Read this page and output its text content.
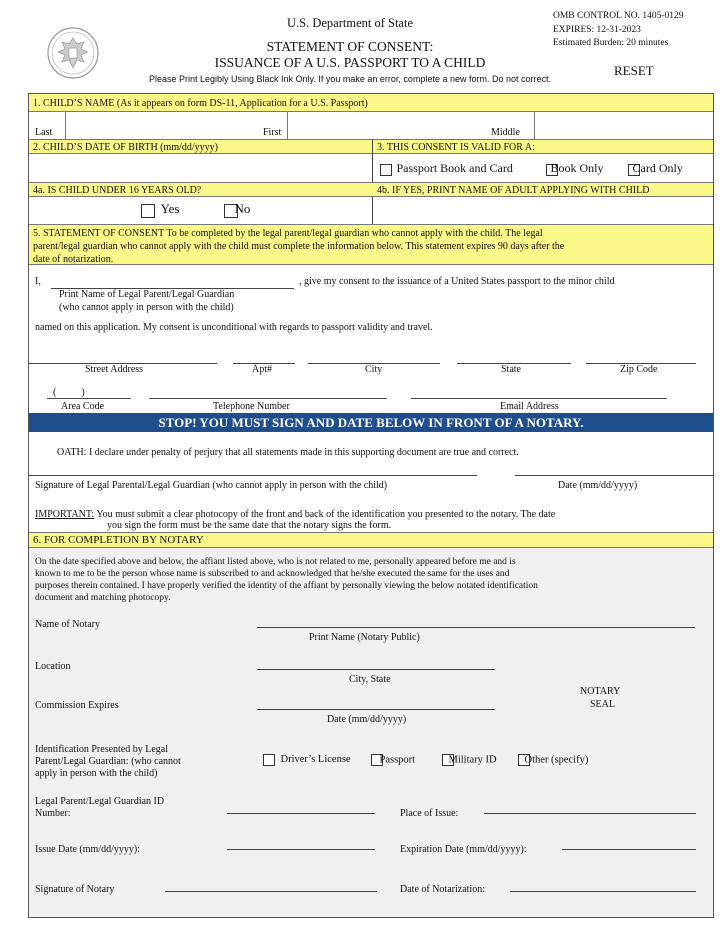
U.S. Department of State
STATEMENT OF CONSENT:
ISSUANCE OF A U.S. PASSPORT TO A CHILD
Please Print Legibly Using Black Ink Only. If you make an error, complete a new form. Do not correct.
OMB CONTROL NO. 1405-0129
EXPIRES: 12-31-2023
Estimated Burden: 20 minutes
RESET
1. CHILD’S NAME (As it appears on form DS-11, Application for a U.S. Passport)
Last	First	Middle
2. CHILD’S DATE OF BIRTH (mm/dd/yyyy)	3. THIS CONSENT IS VALID FOR A:
Passport Book and Card	Book Only	Card Only
4a. IS CHILD UNDER 16 YEARS OLD?	4b. IF YES, PRINT NAME OF ADULT APPLYING WITH CHILD
Yes	No
5. STATEMENT OF CONSENT To be completed by the legal parent/legal guardian who cannot apply with the child. The legal
parent/legal guardian who cannot apply with the child must complete the information below. This statement expires 90 days after the
date of notarization.
I,	, give my consent to the issuance of a United States passport to the minor child
Print Name of Legal Parent/Legal Guardian
(who cannot apply in person with the child)
named on this application. My consent is unconditional with regards to passport validity and travel.
Street Address	Apt#	City	State	Zip Code
(          )
Area Code	Telephone Number	Email Address
STOP! YOU MUST SIGN AND DATE BELOW IN FRONT OF A NOTARY.
OATH: I declare under penalty of perjury that all statements made in this supporting document are true and correct.
Signature of Legal Parental/Legal Guardian (who cannot apply in person with the child)	Date (mm/dd/yyyy)
IMPORTANT: You must submit a clear photocopy of the front and back of the identification you presented to the notary. The date
you sign the form must be the same date that the notary signs the form.
6. FOR COMPLETION BY NOTARY
On the date specified above and below, the affiant listed above, who is not related to me, personally appeared before me and is
known to me to be the person whose name is subscribed to and acknowledged that he/she executed the same for the uses and
purposes therein contained. I have properly verified the identity of the affiant by personally viewing the below notated identification
document and matching photocopy.
Name of Notary
Print Name (Notary Public)
Location
City, State
Commission Expires
Date (mm/dd/yyyy)
NOTARY
SEAL
Identification Presented by Legal
Parent/Legal Guardian: (who cannot
apply in person with the child)
Driver’s License	Passport	Military ID	Other (specify)
Legal Parent/Legal Guardian ID
Number:	Place of Issue:
Issue Date (mm/dd/yyyy):	Expiration Date (mm/dd/yyyy):
Signature of Notary	Date of Notarization:
